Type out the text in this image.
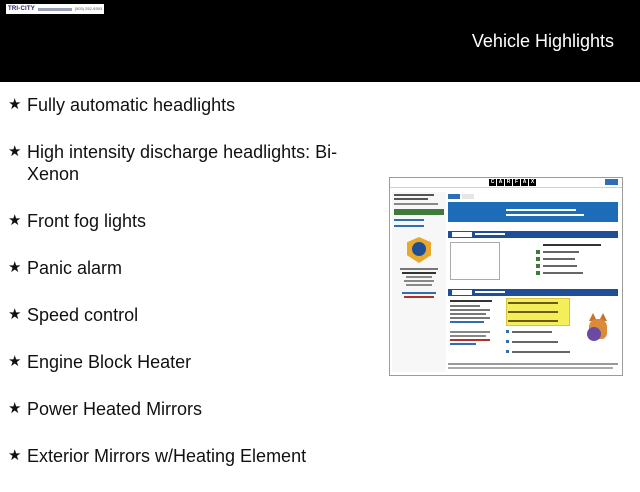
TRI-CITY	(503) 252-9393
Vehicle Highlights
★ Fully automatic headlights
★ High intensity discharge headlights: Bi-Xenon
★ Front fog lights
★ Panic alarm
★ Speed control
★ Engine Block Heater
★ Power Heated Mirrors
★ Exterior Mirrors w/Heating Element
C A R F A X
